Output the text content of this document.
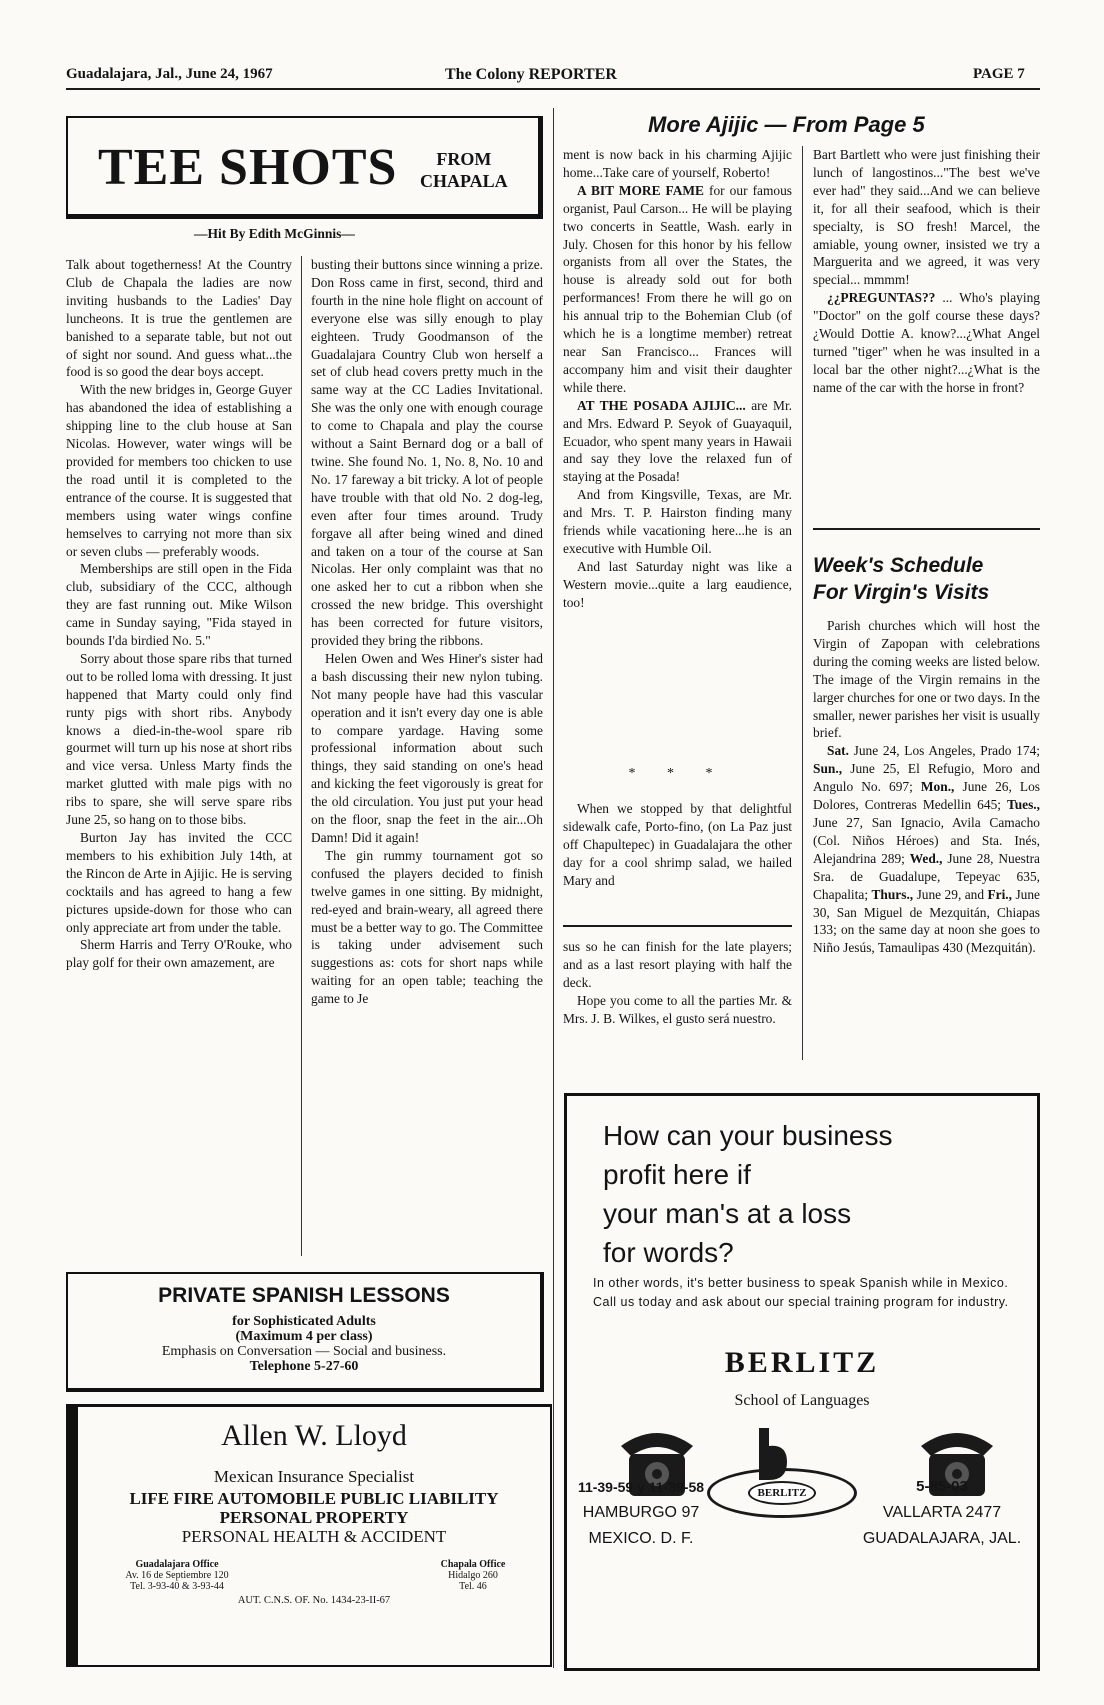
Guadalajara, Jal., June 24, 1967	The Colony REPORTER	PAGE 7
TEE SHOTS	FROM
CHAPALA
—Hit By Edith McGinnis—

Talk about togetherness! At the Country Club de Chapala the ladies are now inviting husbands to the Ladies' Day luncheons. It is true the gentlemen are banished to a separate table, but not out of sight nor sound. And guess what...the food is so good the dear boys accept.

With the new bridges in, George Guyer has abandoned the idea of establishing a shipping line to the club house at San Nicolas. However, water wings will be provided for members too chicken to use the road until it is completed to the entrance of the course. It is suggested that members using water wings confine hemselves to carrying not more than six or seven clubs — preferably woods.

Memberships are still open in the Fida club, subsidiary of the CCC, although they are fast running out. Mike Wilson came in Sunday saying, "Fida stayed in bounds I'da birdied No. 5."

Sorry about those spare ribs that turned out to be rolled loma with dressing. It just happened that Marty could only find runty pigs with short ribs. Anybody knows a died-in-the-wool spare rib gourmet will turn up his nose at short ribs and vice versa. Unless Marty finds the market glutted with male pigs with no ribs to spare, she will serve spare ribs June 25, so hang on to those bibs.

Burton Jay has invited the CCC members to his exhibition July 14th, at the Rincon de Arte in Ajijic. He is serving cocktails and has agreed to hang a few pictures upside-down for those who can only appreciate art from under the table.

Sherm Harris and Terry O'Rouke, who play golf for their own amazement, are

busting their buttons since winning a prize. Don Ross came in first, second, third and fourth in the nine hole flight on account of everyone else was silly enough to play eighteen. Trudy Goodmanson of the Guadalajara Country Club won herself a set of club head covers pretty much in the same way at the CC Ladies Invitational. She was the only one with enough courage to come to Chapala and play the course without a Saint Bernard dog or a ball of twine. She found No. 1, No. 8, No. 10 and No. 17 fareway a bit tricky. A lot of people have trouble with that old No. 2 dog-leg, even after four times around. Trudy forgave all after being wined and dined and taken on a tour of the course at San Nicolas. Her only complaint was that no one asked her to cut a ribbon when she crossed the new bridge. This overshight has been corrected for future visitors, provided they bring the ribbons.

Helen Owen and Wes Hiner's sister had a bash discussing their new nylon tubing. Not many people have had this vascular operation and it isn't every day one is able to compare yardage. Having some professional information about such things, they said standing on one's head and kicking the feet vigorously is great for the old circulation. You just put your head on the floor, snap the feet in the air...Oh Damn! Did it again!

The gin rummy tournament got so confused the players decided to finish twelve games in one sitting. By midnight, red-eyed and brain-weary, all agreed there must be a better way to go. The Committee is taking under advisement such suggestions as: cots for short naps while waiting for an open table; teaching the game to Je

More Ajijic — From Page 5

ment is now back in his charming Ajijic home...Take care of yourself, Roberto!

A BIT MORE FAME for our famous organist, Paul Carson... He will be playing two concerts in Seattle, Wash. early in July. Chosen for this honor by his fellow organists from all over the States, the house is already sold out for both performances! From there he will go on his annual trip to the Bohemian Club (of which he is a longtime member) retreat near San Francisco... Frances will accompany him and visit their daughter while there.

AT THE POSADA AJIJIC... are Mr. and Mrs. Edward P. Seyok of Guayaquil, Ecuador, who spent many years in Hawaii and say they love the relaxed fun of staying at the Posada!

And from Kingsville, Texas, are Mr. and Mrs. T. P. Hairston finding many friends while vacationing here...he is an executive with Humble Oil.

And last Saturday night was like a Western movie...quite a larg eaudience, too!

* * *

When we stopped by that delightful sidewalk cafe, Porto-fino, (on La Paz just off Chapultepec) in Guadalajara the other day for a cool shrimp salad, we hailed Mary and

sus so he can finish for the late players; and as a last resort playing with half the deck.

Hope you come to all the parties Mr. & Mrs. J. B. Wilkes, el gusto será nuestro.

Bart Bartlett who were just finishing their lunch of langostinos..."The best we've ever had" they said...And we can believe it, for all their seafood, which is their specialty, is SO fresh! Marcel, the amiable, young owner, insisted we try a Marguerita and we agreed, it was very special... mmmm!

¿¿PREGUNTAS?? ... Who's playing "Doctor" on the golf course these days? ¿Would Dottie A. know?...¿What Angel turned "tiger" when he was insulted in a local bar the other night?...¿What is the name of the car with the horse in front?

Week's Schedule
For Virgin's Visits

Parish churches which will host the Virgin of Zapopan with celebrations during the coming weeks are listed below. The image of the Virgin remains in the larger churches for one or two days. In the smaller, newer parishes her visit is usually brief.

Sat. June 24, Los Angeles, Prado 174; Sun., June 25, El Refugio, Moro and Angulo No. 697; Mon., June 26, Los Dolores, Contreras Medellin 645; Tues., June 27, San Ignacio, Avila Camacho (Col. Niños Héroes) and Sta. Inés, Alejandrina 289; Wed., June 28, Nuestra Sra. de Guadalupe, Tepeyac 635, Chapalita; Thurs., June 29, and Fri., June 30, San Miguel de Mezquitán, Chiapas 133; on the same day at noon she goes to Niño Jesús, Tamaulipas 430 (Mezquitán).

PRIVATE SPANISH LESSONS
for Sophisticated Adults
(Maximum 4 per class)
Emphasis on Conversation — Social and business.
Telephone 5-27-60
Allen W. Lloyd
Mexican Insurance Specialist
LIFE FIRE AUTOMOBILE PUBLIC LIABILITY
PERSONAL PROPERTY
PERSONAL HEALTH & ACCIDENT
Guadalajara Office
Av. 16 de Septiembre 120
Tel. 3-93-40 & 3-93-44
Chapala Office
Hidalgo 260
Tel. 46
AUT. C.N.S. OF. No. 1434-23-II-67
How can your business
profit here if
your man's at a loss
for words?
In other words, it's better business to speak Spanish while in Mexico. Call us today and ask about our special training program for industry.
BERLITZ
School of Languages
BERLITZ
11-39-59 y 11-39-58
HAMBURGO 97
MEXICO. D. F.
5-85-03
VALLARTA 2477
GUADALAJARA, JAL.
